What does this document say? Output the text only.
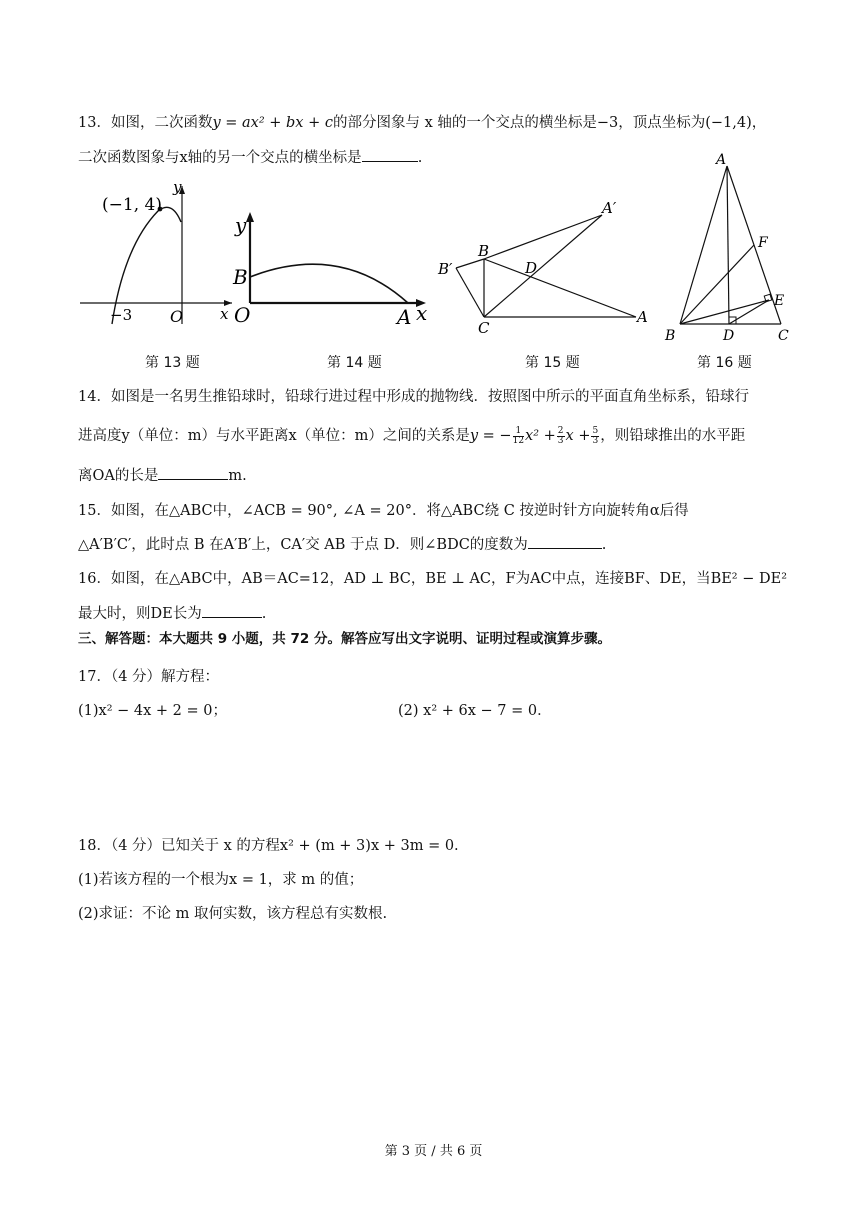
13．如图，二次函数y = ax² + bx + c的部分图象与 x 轴的一个交点的横坐标是−3，顶点坐标为(−1,4)，
二次函数图象与x轴的另一个交点的横坐标是	.
(−1, 4)
y
x
O
−3
y
B
O	A x
A′
B′
B
D
C
A
A
F
E
B	D	C
第 13 题	第 14 题	第 15 题	第 16 题
14．如图是一名男生推铅球时，铅球行进过程中形成的抛物线．按照图中所示的平面直角坐标系，铅球行
进高度y（单位：m）与水平距离x（单位：m）之间的关系是y = − $\frac{1}{12} x^2 + \frac{2}{3}$ $x + \frac{5}{3}$ ，则铅球推出的水平距
离OA的长是	m.
15．如图，在△ABC中，∠ACB = 90°, ∠A = 20°．将△ABC绕 C 按逆时针方向旋转角α后得
△A′B′C′，此时点 B 在A′B′上，CA′交 AB 于点 D．则∠BDC的度数为	.
16．如图，在△ABC中，AB＝AC=12，AD ⊥ BC，BE ⊥ AC，F为AC中点，连接BF、DE，当BE² − DE²
最大时，则DE长为	.
三、解答题：本大题共 9 小题，共 72 分。解答应写出文字说明、证明过程或演算步骤。
17．（4 分）解方程：
(1)x² − 4x + 2 = 0；	(2) x² + 6x − 7 = 0．
18．（4 分）已知关于 x 的方程x² + (m + 3)x + 3m = 0.
(1)若该方程的一个根为x = 1，求 m 的值；
(2)求证：不论 m 取何实数，该方程总有实数根.
第 3 页 / 共 6 页
